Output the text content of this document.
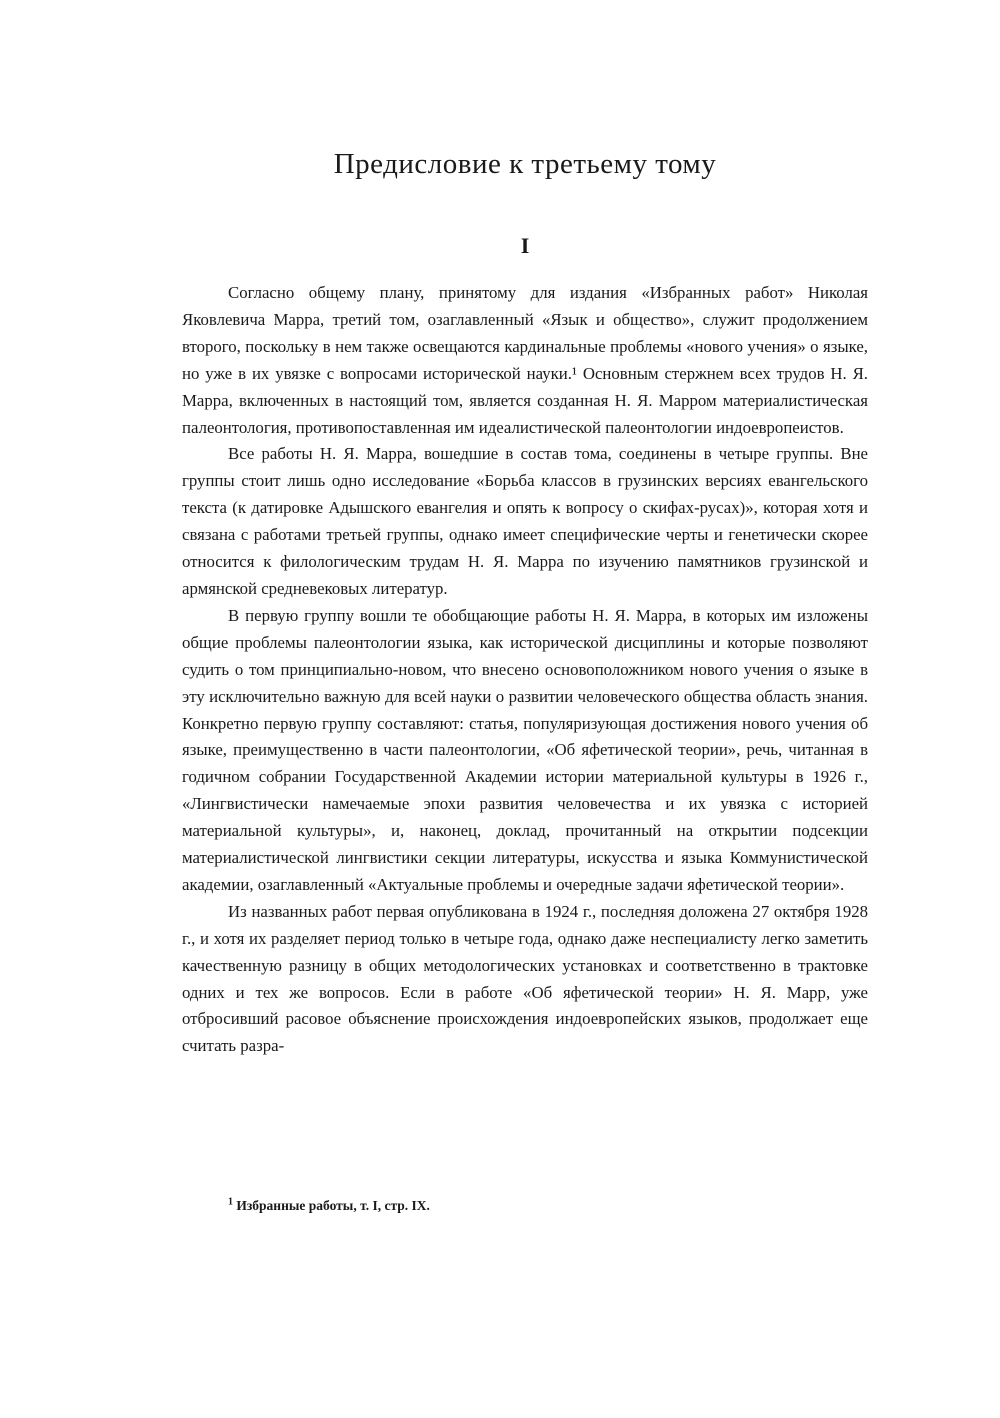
Предисловие к третьему тому
I

Согласно общему плану, принятому для издания «Избранных работ» Николая Яковлевича Марра, третий том, озаглавленный «Язык и общество», служит продолжением второго, поскольку в нем также освещаются кардинальные проблемы «нового учения» о языке, но уже в их увязке с вопросами исторической науки.¹ Основным стержнем всех трудов Н. Я. Марра, включенных в настоящий том, является созданная Н. Я. Марром материалистическая палеонтология, противопоставленная им идеалистической палеонтологии индоевропеистов.

Все работы Н. Я. Марра, вошедшие в состав тома, соединены в четыре группы. Вне группы стоит лишь одно исследование «Борьба классов в грузинских версиях евангельского текста (к датировке Адышского евангелия и опять к вопросу о скифах-русах)», которая хотя и связана с работами третьей группы, однако имеет специфические черты и генетически скорее относится к филологическим трудам Н. Я. Марра по изучению памятников грузинской и армянской средневековых литератур.

В первую группу вошли те обобщающие работы Н. Я. Марра, в которых им изложены общие проблемы палеонтологии языка, как исторической дисциплины и которые позволяют судить о том принципиально-новом, что внесено основоположником нового учения о языке в эту исключительно важную для всей науки о развитии человеческого общества область знания. Конкретно первую группу составляют: статья, популяризующая достижения нового учения об языке, преимущественно в части палеонтологии, «Об яфетической теории», речь, читанная в годичном собрании Государственной Академии истории материальной культуры в 1926 г., «Лингвистически намечаемые эпохи развития человечества и их увязка с историей материальной культуры», и, наконец, доклад, прочитанный на открытии подсекции материалистической лингвистики секции литературы, искусства и языка Коммунистической академии, озаглавленный «Актуальные проблемы и очередные задачи яфетической теории».

Из названных работ первая опубликована в 1924 г., последняя доложена 27 октября 1928 г., и хотя их разделяет период только в четыре года, однако даже неспециалисту легко заметить качественную разницу в общих методологических установках и соответственно в трактовке одних и тех же вопросов. Если в работе «Об яфетической теории» Н. Я. Марр, уже отбросивший расовое объяснение происхождения индоевропейских языков, продолжает еще считать разра-

$^1$ Избранные работы, т. I, стр. IX.
